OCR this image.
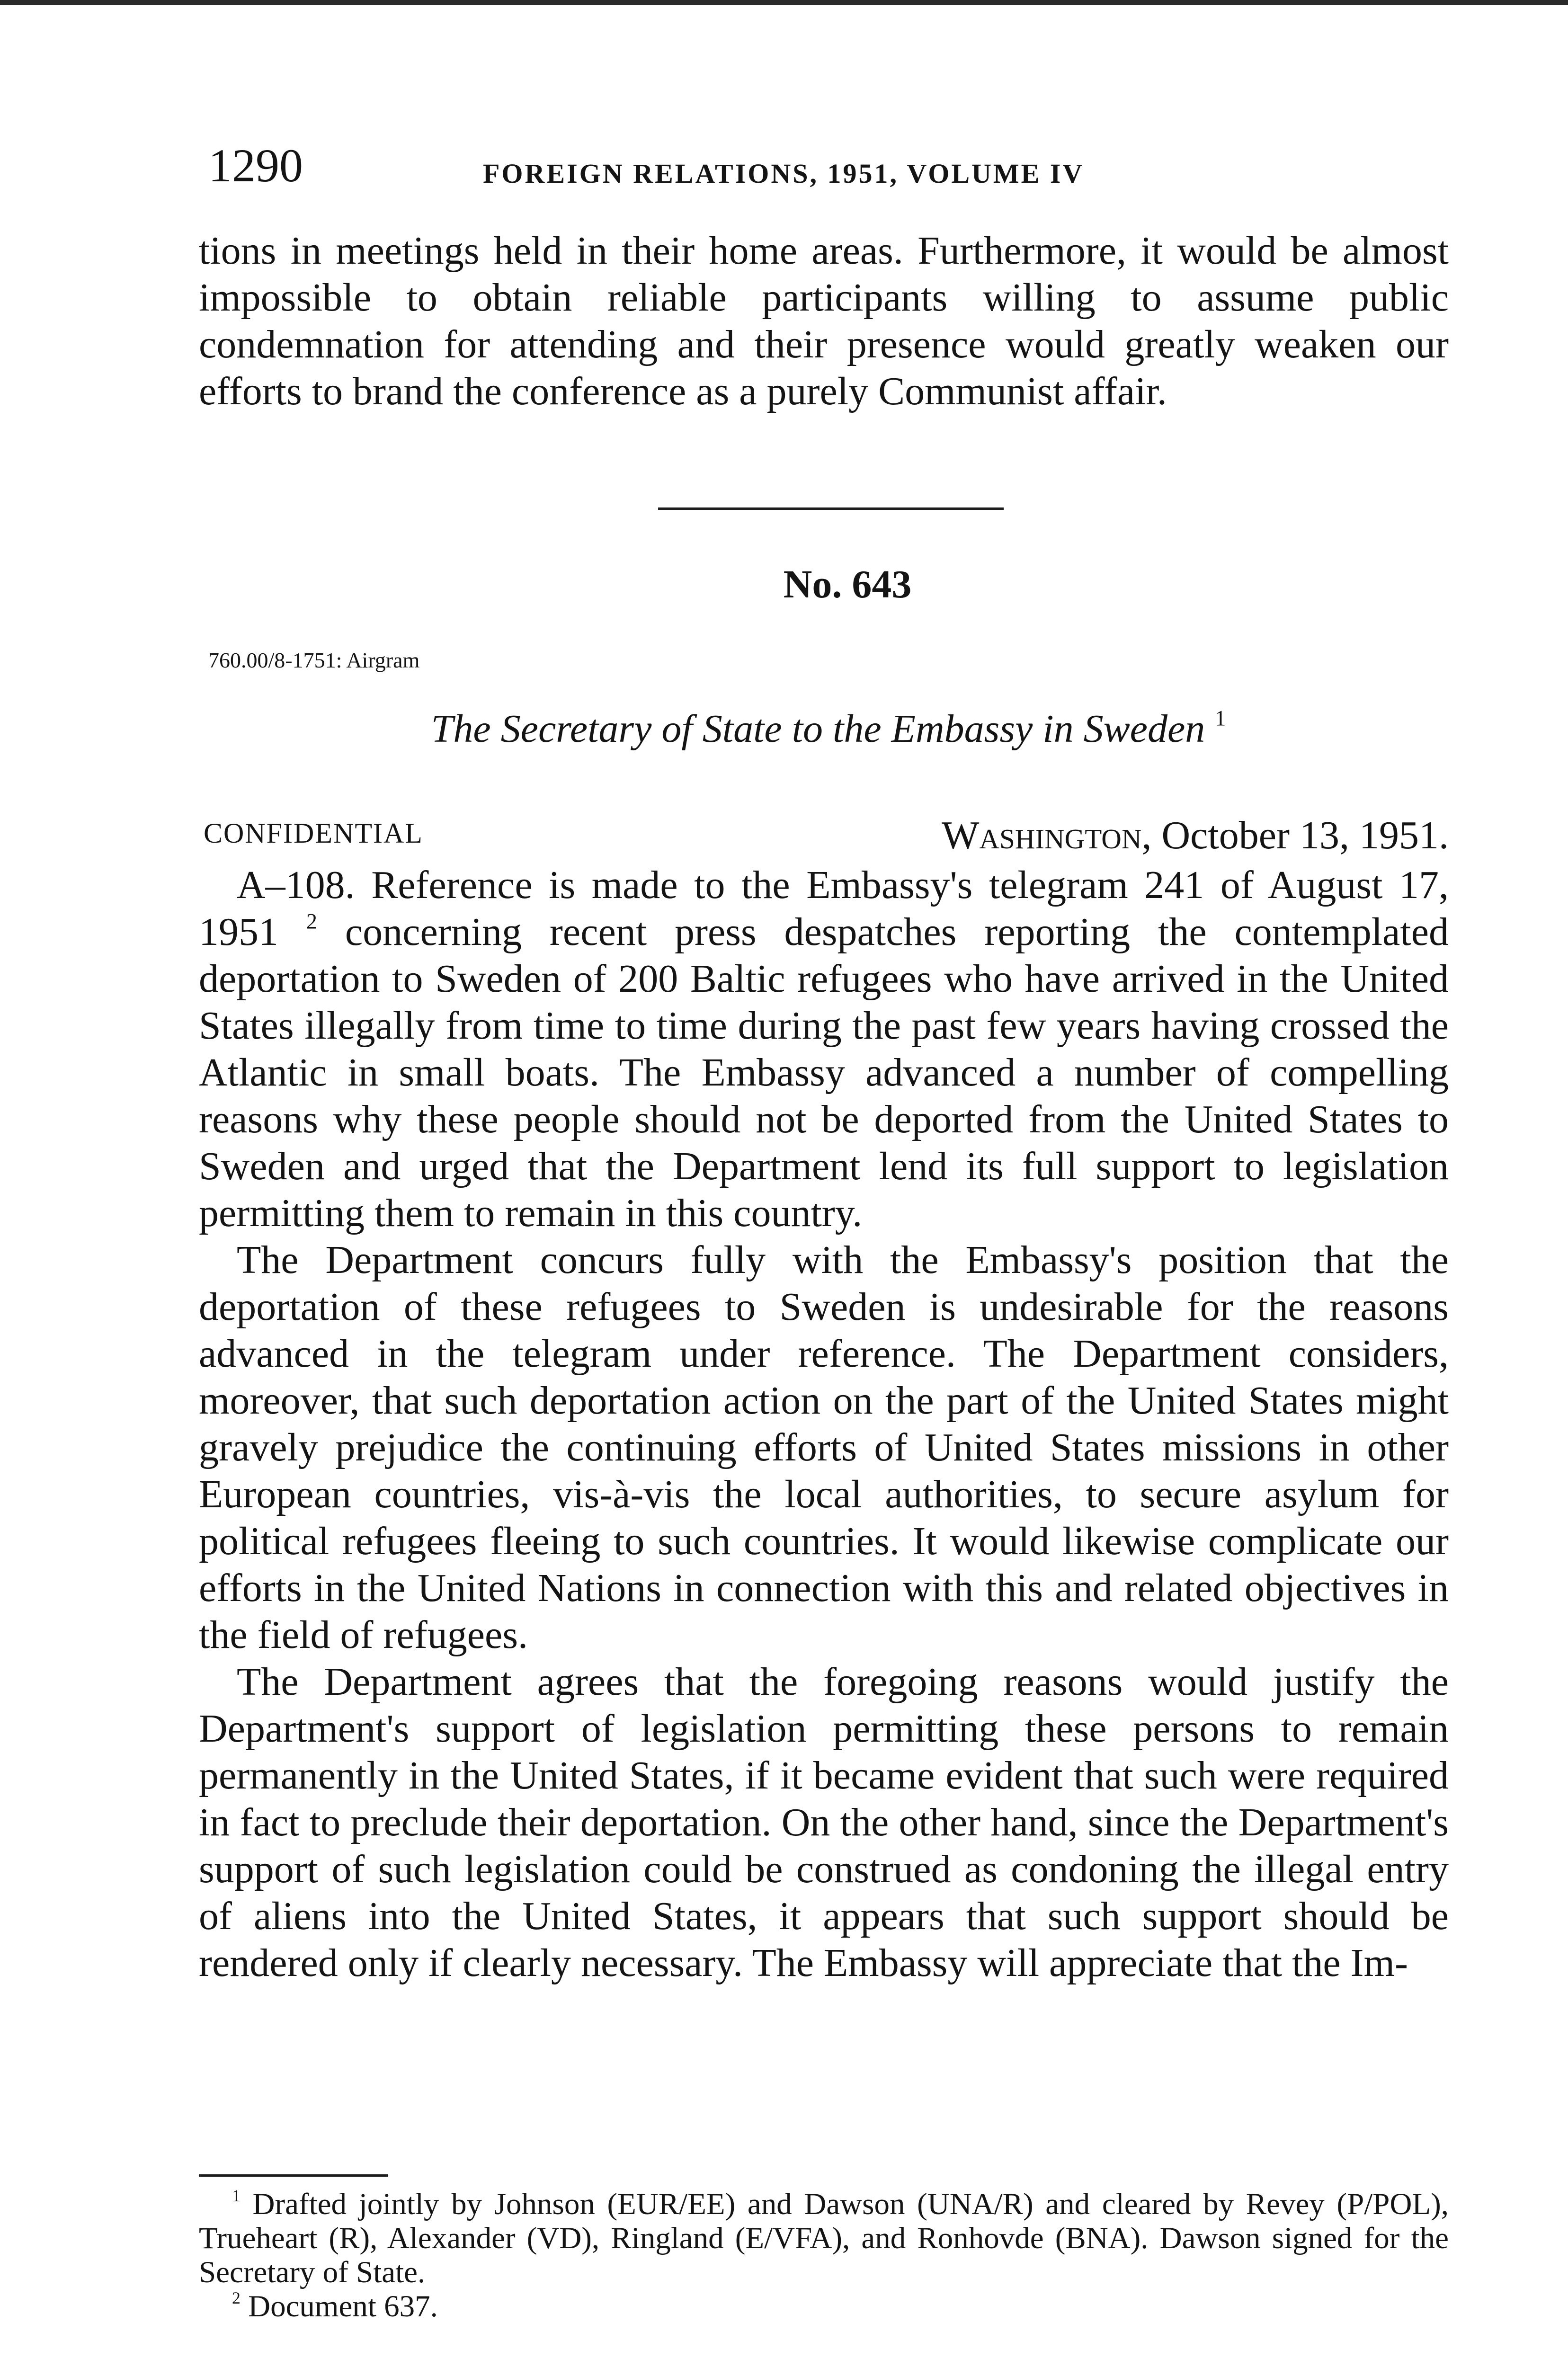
1290	FOREIGN RELATIONS, 1951, VOLUME IV

tions in meetings held in their home areas. Furthermore, it would be almost impossible to obtain reliable participants willing to assume public condemnation for attending and their presence would greatly weaken our efforts to brand the conference as a purely Communist affair.

No. 643
760.00/8-1751: Airgram
The Secretary of State to the Embassy in Sweden $^1$
CONFIDENTIAL	Washington, October 13, 1951.

A–108. Reference is made to the Embassy's telegram 241 of August 17, 1951 $^2$ concerning recent press despatches reporting the contemplated deportation to Sweden of 200 Baltic refugees who have arrived in the United States illegally from time to time during the past few years having crossed the Atlantic in small boats. The Embassy advanced a number of compelling reasons why these people should not be deported from the United States to Sweden and urged that the Department lend its full support to legislation permitting them to remain in this country.

The Department concurs fully with the Embassy's position that the deportation of these refugees to Sweden is undesirable for the reasons advanced in the telegram under reference. The Department considers, moreover, that such deportation action on the part of the United States might gravely prejudice the continuing efforts of United States missions in other European countries, vis-à-vis the local authorities, to secure asylum for political refugees fleeing to such countries. It would likewise complicate our efforts in the United Nations in connection with this and related objectives in the field of refugees.

The Department agrees that the foregoing reasons would justify the Department's support of legislation permitting these persons to remain permanently in the United States, if it became evident that such were required in fact to preclude their deportation. On the other hand, since the Department's support of such legislation could be construed as condoning the illegal entry of aliens into the United States, it appears that such support should be rendered only if clearly necessary. The Embassy will appreciate that the Im-

$^1$ Drafted jointly by Johnson (EUR/EE) and Dawson (UNA/R) and cleared by Revey (P/POL), Trueheart (R), Alexander (VD), Ringland (E/VFA), and Ronhovde (BNA). Dawson signed for the Secretary of State.

$^2$ Document 637.
